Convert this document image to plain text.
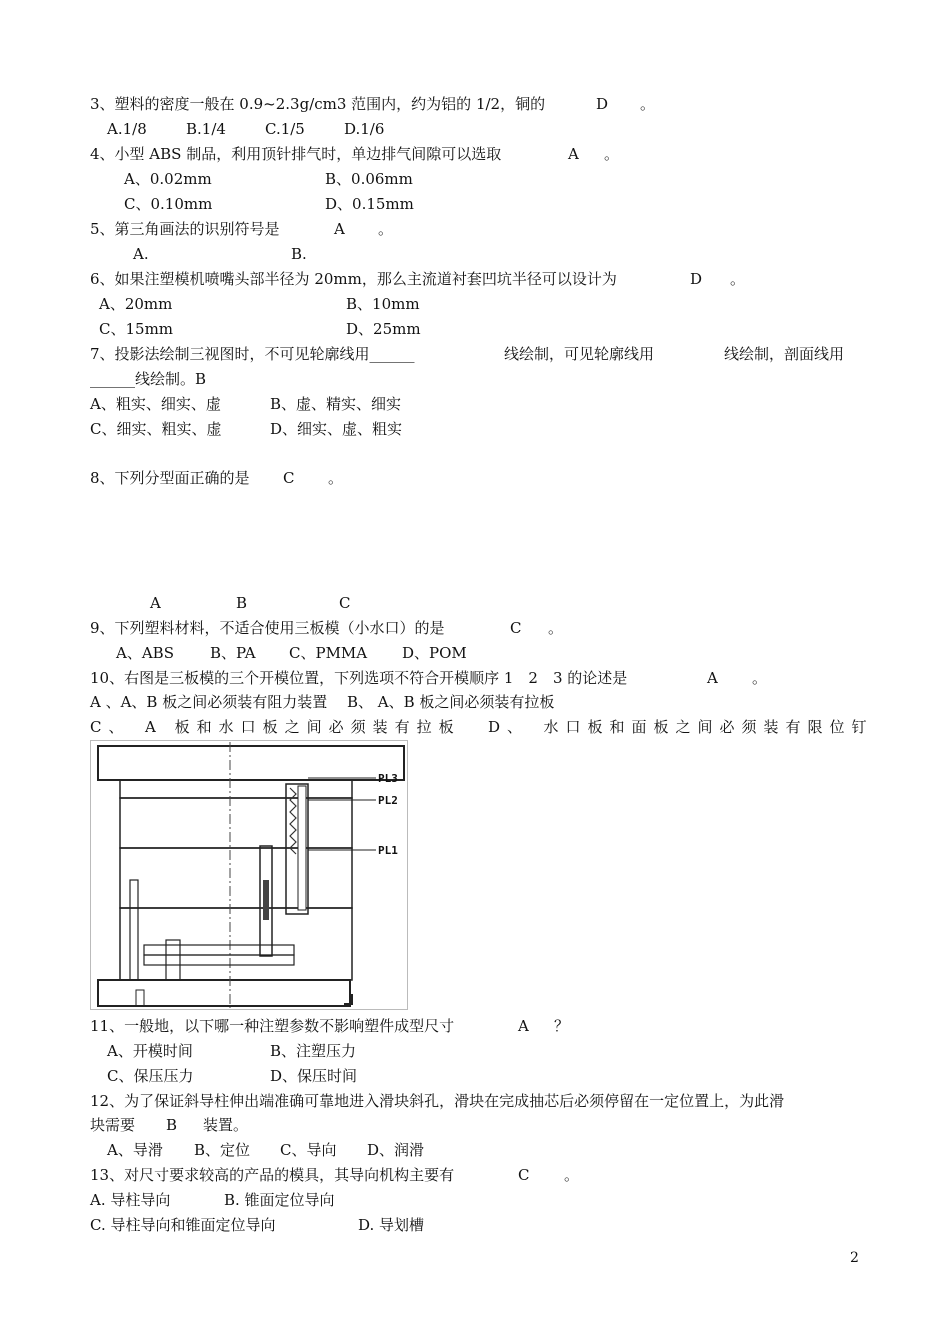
3、塑料的密度一般在 0.9~2.3g/cm3 范围内，约为铝的 1/2，铜的	D 。
A.1/8	B.1/4	C.1/5	D.1/6
4、小型 ABS 制品，利用顶针排气时，单边排气间隙可以选取	A 。
A、0.02mm	B、0.06mm
C、0.10mm	D、0.15mm
5、第三角画法的识别符号是	A 。
A.	B.
6、如果注塑模机喷嘴头部半径为 20mm，那么主流道衬套凹坑半径可以设计为	D 。
A、20mm	B、10mm
C、15mm	D、25mm
7、投影法绘制三视图时，不可见轮廓线用______	线绘制，可见轮廓线用	线绘制，剖面线用
______线绘制。B
A、粗实、细实、虚	B、虚、精实、细实
C、细实、粗实、虚	D、细实、虚、粗实
8、下列分型面正确的是 C 。
A	B	C
9、下列塑料材料，不适合使用三板模（小水口）的是	C 。
A、ABS B、PA C、PMMA D、POM
10、右图是三板模的三个开模位置，下列选项不符合开模顺序 1　2　3 的论述是	A 。
A 、A、B 板之间必须装有阻力装置　 B、 A、B 板之间必须装有拉板
C、　A 板和水口板之间必须装有拉板 D、　水口板和面板之间必须装有限位钉
PL3
PL2
PL1
11、一般地，以下哪一种注塑参数不影响塑件成型尺寸	A ？
A、开模时间	B、注塑压力
C、保压压力	D、保压时间
12、为了保证斜导柱伸出端准确可靠地进入滑块斜孔，滑块在完成抽芯后必须停留在一定位置上，为此滑
块需要 B 装置。
A、导滑 B、定位 C、导向 D、润滑
13、对尺寸要求较高的产品的模具，其导向机构主要有	C 。
A. 导柱导向	B. 锥面定位导向
C. 导柱导向和锥面定位导向	D. 导划槽
2
